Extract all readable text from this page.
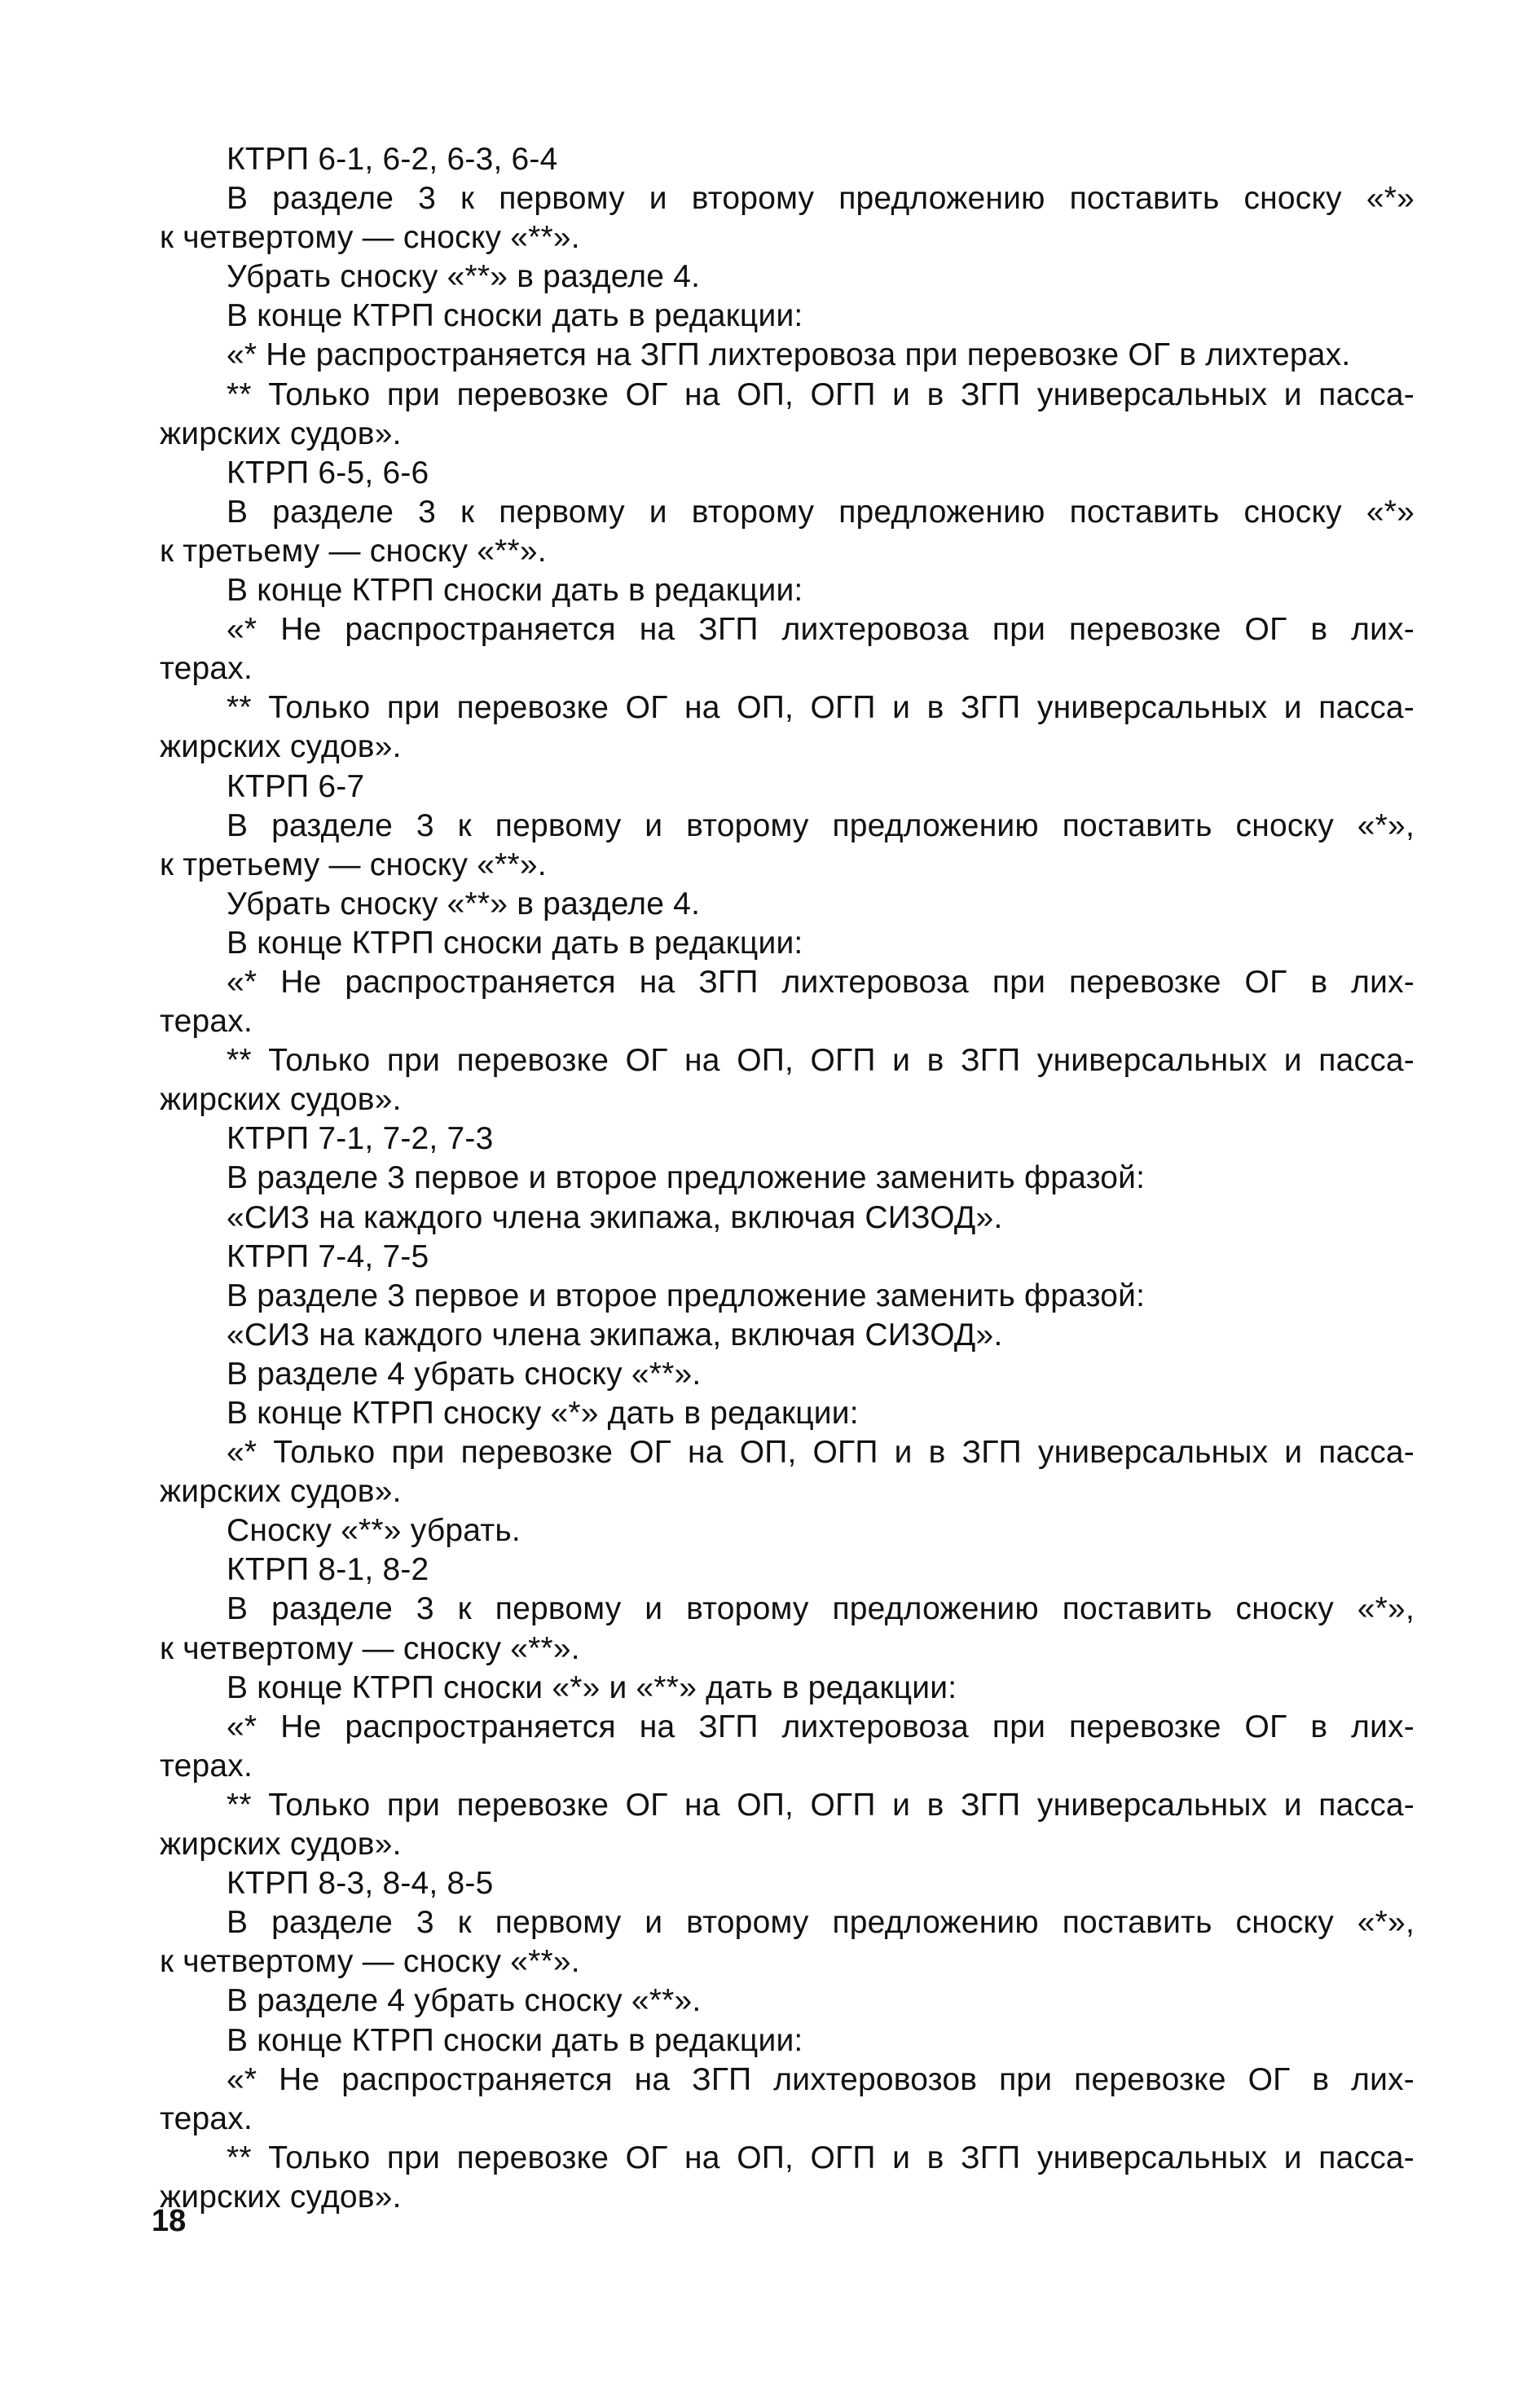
КТРП 6-1, 6-2, 6-3, 6-4
В разделе 3 к первому и второму предложению поставить сноску «*»
к четвертому — сноску «**».
Убрать сноску «**» в разделе 4.
В конце КТРП сноски дать в редакции:
«* Не распространяется на ЗГП лихтеровоза при перевозке ОГ в лихтерах.
** Только при перевозке ОГ на ОП, ОГП и в ЗГП универсальных и пасса-
жирских судов».
КТРП 6-5, 6-6
В разделе 3 к первому и второму предложению поставить сноску «*»
к третьему — сноску «**».
В конце КТРП сноски дать в редакции:
«* Не распространяется на ЗГП лихтеровоза при перевозке ОГ в лих-
терах.
** Только при перевозке ОГ на ОП, ОГП и в ЗГП универсальных и пасса-
жирских судов».
КТРП 6-7
В разделе 3 к первому и второму предложению поставить сноску «*»,
к третьему — сноску «**».
Убрать сноску «**» в разделе 4.
В конце КТРП сноски дать в редакции:
«* Не распространяется на ЗГП лихтеровоза при перевозке ОГ в лих-
терах.
** Только при перевозке ОГ на ОП, ОГП и в ЗГП универсальных и пасса-
жирских судов».
КТРП 7-1, 7-2, 7-3
В разделе 3 первое и второе предложение заменить фразой:
«СИЗ на каждого члена экипажа, включая СИЗОД».
КТРП 7-4, 7-5
В разделе 3 первое и второе предложение заменить фразой:
«СИЗ на каждого члена экипажа, включая СИЗОД».
В разделе 4 убрать сноску «**».
В конце КТРП сноску «*» дать в редакции:
«* Только при перевозке ОГ на ОП, ОГП и в ЗГП универсальных и пасса-
жирских судов».
Сноску «**» убрать.
КТРП 8-1, 8-2
В разделе 3 к первому и второму предложению поставить сноску «*»,
к четвертому — сноску «**».
В конце КТРП сноски «*» и «**» дать в редакции:
«* Не распространяется на ЗГП лихтеровоза при перевозке ОГ в лих-
терах.
** Только при перевозке ОГ на ОП, ОГП и в ЗГП универсальных и пасса-
жирских судов».
КТРП 8-3, 8-4, 8-5
В разделе 3 к первому и второму предложению поставить сноску «*»,
к четвертому — сноску «**».
В разделе 4 убрать сноску «**».
В конце КТРП сноски дать в редакции:
«* Не распространяется на ЗГП лихтеровозов при перевозке ОГ в лих-
терах.
** Только при перевозке ОГ на ОП, ОГП и в ЗГП универсальных и пасса-
жирских судов».
18
